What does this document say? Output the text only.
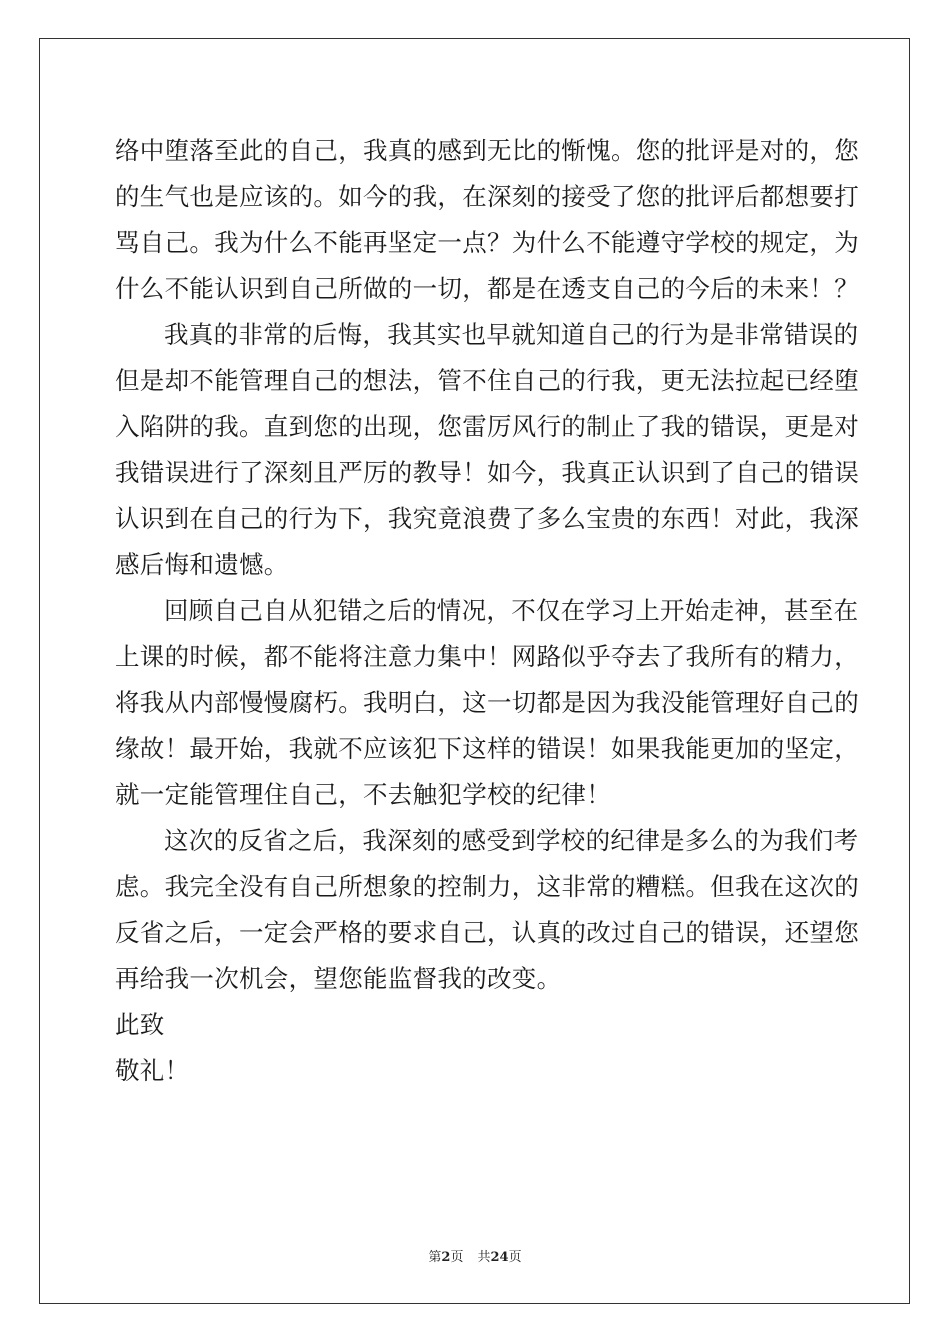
络中堕落至此的自己，我真的感到无比的惭愧。您的批评是对的，您
的生气也是应该的。如今的我，在深刻的接受了您的批评后都想要打
骂自己。我为什么不能再坚定一点？为什么不能遵守学校的规定，为
什么不能认识到自己所做的一切，都是在透支自己的今后的未来！？
我真的非常的后悔，我其实也早就知道自己的行为是非常错误的
但是却不能管理自己的想法，管不住自己的行我，更无法拉起已经堕
入陷阱的我。直到您的出现，您雷厉风行的制止了我的错误，更是对
我错误进行了深刻且严厉的教导！如今，我真正认识到了自己的错误
认识到在自己的行为下，我究竟浪费了多么宝贵的东西！对此，我深
感后悔和遗憾。
回顾自己自从犯错之后的情况，不仅在学习上开始走神，甚至在
上课的时候，都不能将注意力集中！网路似乎夺去了我所有的精力，
将我从内部慢慢腐朽。我明白，这一切都是因为我没能管理好自己的
缘故！最开始，我就不应该犯下这样的错误！如果我能更加的坚定，
就一定能管理住自己，不去触犯学校的纪律！
这次的反省之后，我深刻的感受到学校的纪律是多么的为我们考
虑。我完全没有自己所想象的控制力，这非常的糟糕。但我在这次的
反省之后，一定会严格的要求自己，认真的改过自己的错误，还望您
再给我一次机会，望您能监督我的改变。
此致
敬礼！
第2页 共24页
